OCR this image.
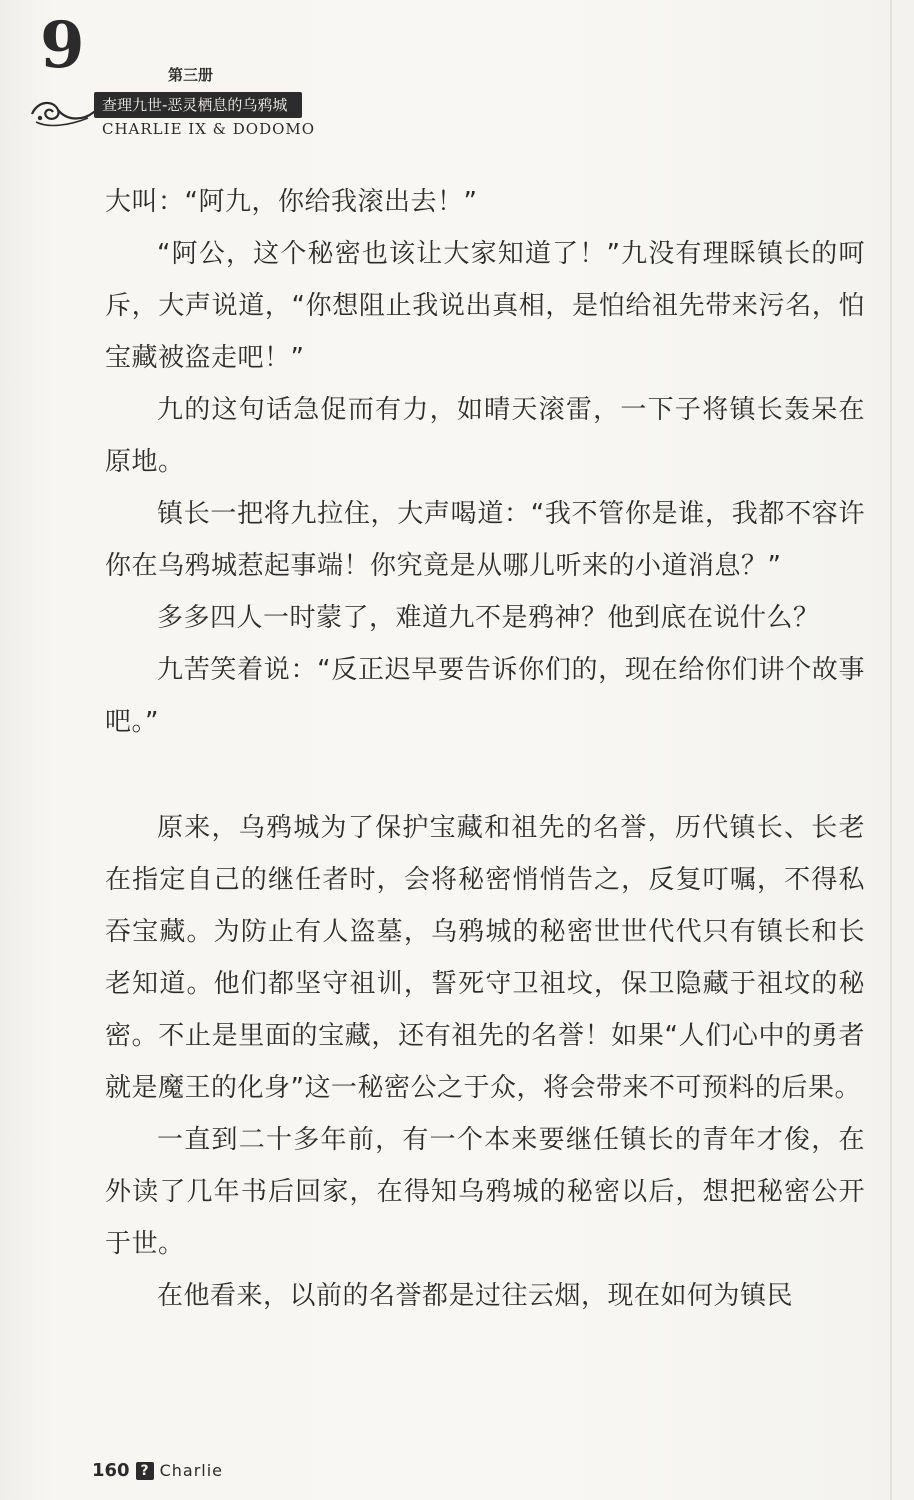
9	第三册
查理九世-恶灵栖息的乌鸦城
CHARLIE IX & DODOMO

大叫：“阿九，你给我滚出去！”

“阿公，这个秘密也该让大家知道了！”九没有理睬镇长的呵斥，大声说道，“你想阻止我说出真相，是怕给祖先带来污名，怕宝藏被盗走吧！”

九的这句话急促而有力，如晴天滚雷，一下子将镇长轰呆在原地。

镇长一把将九拉住，大声喝道：“我不管你是谁，我都不容许你在乌鸦城惹起事端！你究竟是从哪儿听来的小道消息？”

多多四人一时蒙了，难道九不是鸦神？他到底在说什么？

九苦笑着说：“反正迟早要告诉你们的，现在给你们讲个故事吧。”

原来，乌鸦城为了保护宝藏和祖先的名誉，历代镇长、长老在指定自己的继任者时，会将秘密悄悄告之，反复叮嘱，不得私吞宝藏。为防止有人盗墓，乌鸦城的秘密世世代代只有镇长和长老知道。他们都坚守祖训，誓死守卫祖坟，保卫隐藏于祖坟的秘密。不止是里面的宝藏，还有祖先的名誉！如果“人们心中的勇者就是魔王的化身”这一秘密公之于众，将会带来不可预料的后果。

一直到二十多年前，有一个本来要继任镇长的青年才俊，在外读了几年书后回家，在得知乌鸦城的秘密以后，想把秘密公开于世。

在他看来，以前的名誉都是过往云烟，现在如何为镇民

160 ? Charlie
